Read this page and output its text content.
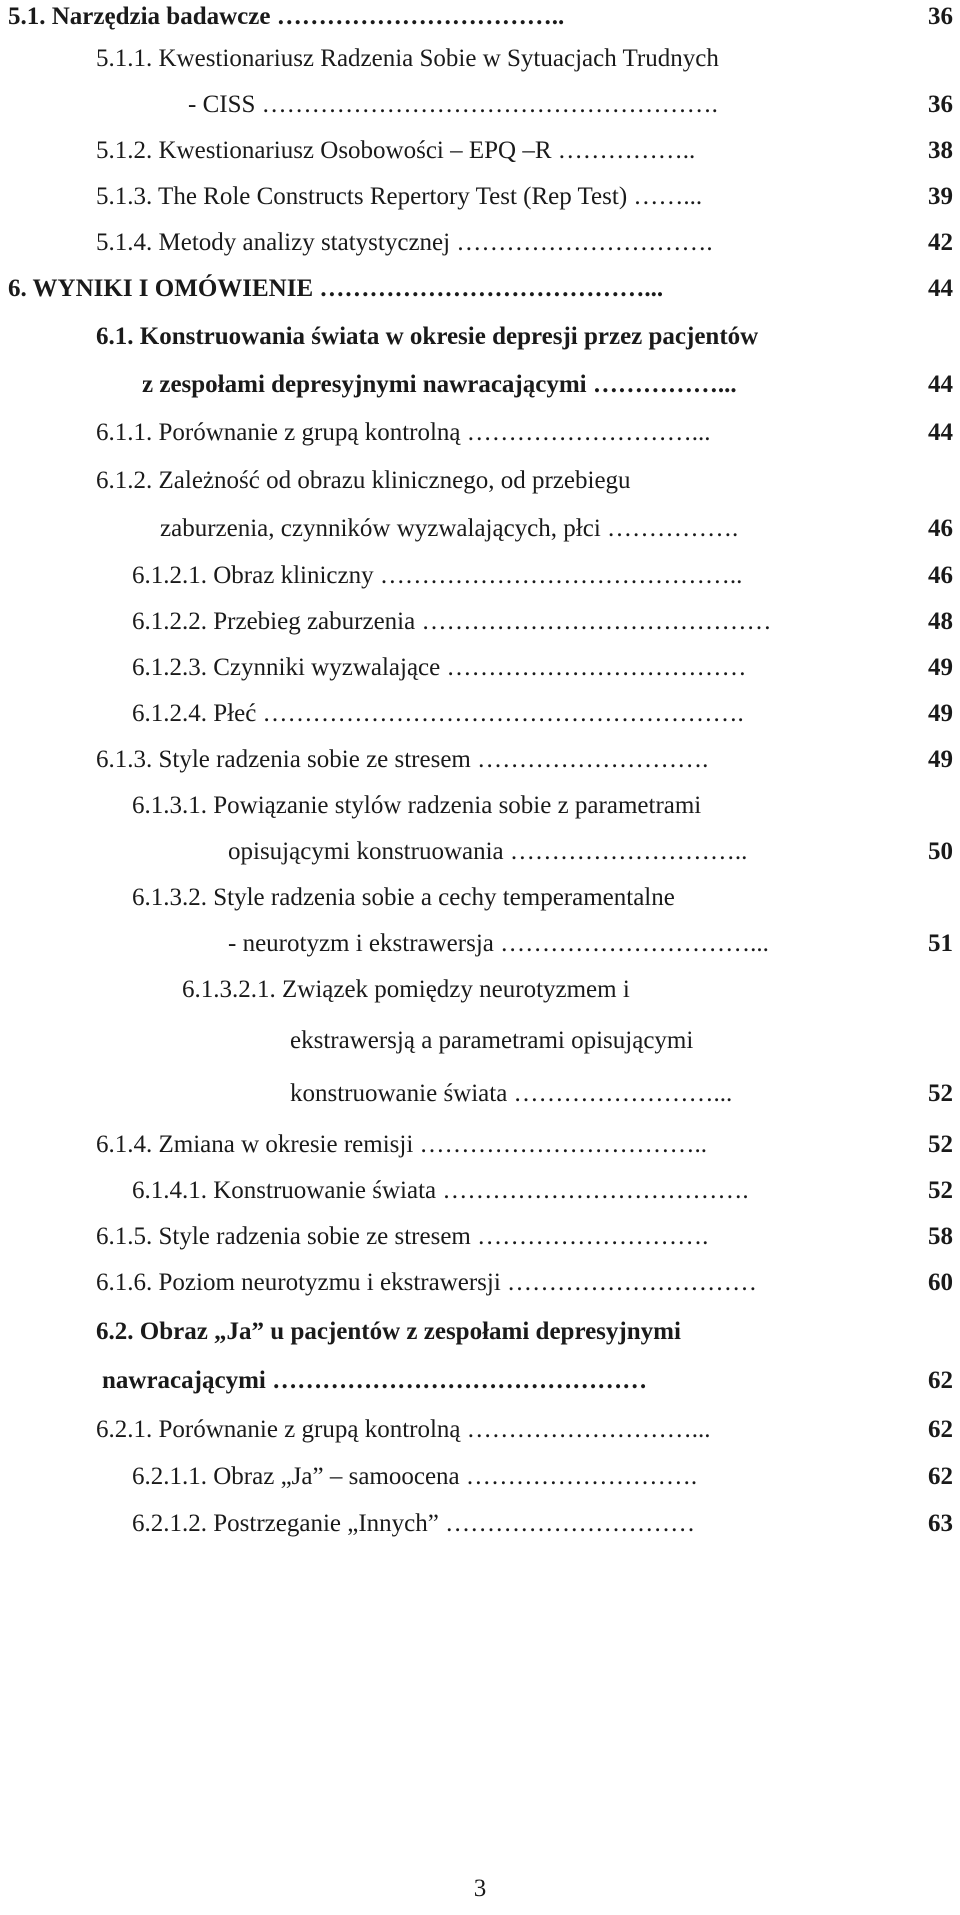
5.1. Narzędzia badawcze ……………………………..	36
5.1.1. Kwestionariusz Radzenia Sobie w Sytuacjach Trudnych
- CISS ……………………………………………….	36
5.1.2. Kwestionariusz Osobowości – EPQ –R ……………..	38
5.1.3. The Role Constructs Repertory Test (Rep Test) ……...	39
5.1.4. Metody analizy statystycznej ………………………….	42
6. WYNIKI I OMÓWIENIE …………………………………...	44
6.1. Konstruowania świata w okresie depresji przez pacjentów
z zespołami depresyjnymi nawracającymi ……………...	44
6.1.1. Porównanie z grupą kontrolną ………………………...	44
6.1.2. Zależność od obrazu klinicznego, od przebiegu
zaburzenia, czynników wyzwalających, płci …………….	46
6.1.2.1. Obraz kliniczny ……………………………………..	46
6.1.2.2. Przebieg zaburzenia ……………………………………	48
6.1.2.3. Czynniki wyzwalające ………………………………	49
6.1.2.4. Płeć ………………………………………………….	49
6.1.3. Style radzenia sobie ze stresem ……………………….	49
6.1.3.1. Powiązanie stylów radzenia sobie z parametrami
opisującymi konstruowania ………………………..	50
6.1.3.2. Style radzenia sobie a cechy temperamentalne
- neurotyzm i ekstrawersja …………………………...	51
6.1.3.2.1. Związek pomiędzy neurotyzmem i
ekstrawersją a parametrami opisującymi
konstruowanie świata ……………………...	52
6.1.4. Zmiana w okresie remisji ……………………………..	52
6.1.4.1. Konstruowanie świata ……………………………….	52
6.1.5. Style radzenia sobie ze stresem ……………………….	58
6.1.6. Poziom neurotyzmu i ekstrawersji …………………………	60
6.2. Obraz „Ja” u pacjentów z zespołami depresyjnymi
nawracającymi ………………………………………	62
6.2.1. Porównanie z grupą kontrolną ………………………...	62
6.2.1.1. Obraz „Ja” – samoocena ……………………….	62
6.2.1.2. Postrzeganie „Innych” …………………………	63
3
